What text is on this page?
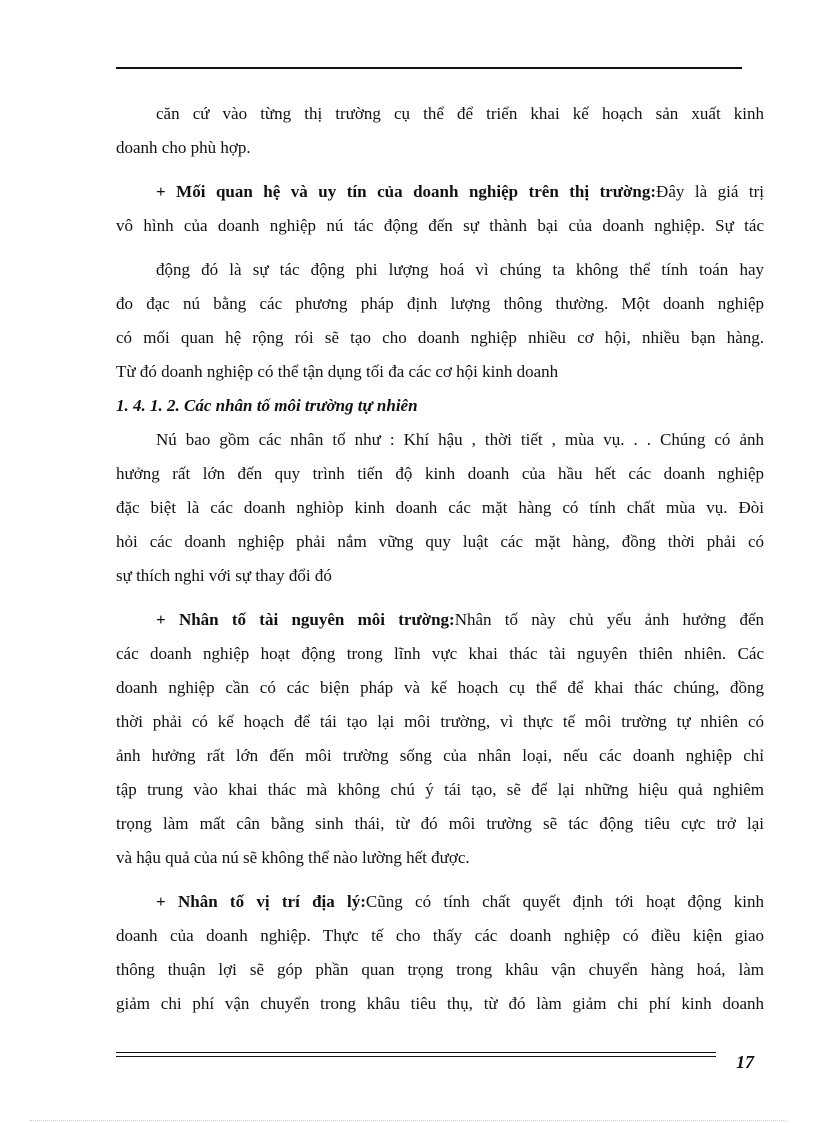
căn cứ vào từng thị trường cụ thể để triển khai kế hoạch sản xuất kinh
doanh cho phù hợp.
+ Mối quan hệ và uy tín của doanh nghiệp trên thị trường:Đây là giá trị
vô hình của doanh nghiệp nú tác động đến sự thành bại của doanh nghiệp. Sự tác
động đó là sự tác động phi lượng hoá vì chúng ta không thể tính toán hay
đo đạc nú bằng các phương pháp định lượng thông thường. Một doanh nghiệp
có mối quan hệ rộng rói sẽ tạo cho doanh nghiệp nhiều cơ hội, nhiều bạn hàng.
Từ đó doanh nghiệp có thể tận dụng tối đa các cơ hội kinh doanh
1. 4. 1. 2. Các nhân tố môi trường tự nhiên
Nú bao gồm các nhân tố như : Khí hậu , thời tiết , mùa vụ. . . Chúng có ảnh
hưởng rất lớn đến quy trình tiến độ kinh doanh của hầu hết các doanh nghiệp
đặc biệt là các doanh nghiòp kinh doanh các mặt hàng có tính chất mùa vụ. Đòi
hỏi các doanh nghiệp phải nắm vững quy luật các mặt hàng, đồng thời phải có
sự thích nghi với sự thay đổi đó
+ Nhân tố tài nguyên môi trường:Nhân tố này chủ yếu ảnh hưởng đến
các doanh nghiệp hoạt động trong lĩnh vực khai thác tài nguyên thiên nhiên. Các
doanh nghiệp cần có các biện pháp và kế hoạch cụ thể để khai thác chúng, đồng
thời phải có kế hoạch để tái tạo lại môi trường, vì thực tế môi trường tự nhiên có
ảnh hưởng rất lớn đến môi trường sống của nhân loại, nếu các doanh nghiệp chỉ
tập trung vào khai thác mà không chú ý tái tạo, sẽ để lại những hiệu quả nghiêm
trọng làm mất cân bằng sinh thái, từ đó môi trường sẽ tác động tiêu cực trở lại
và hậu quả của nú sẽ không thể nào lường hết được.
+ Nhân tố vị trí địa lý:Cũng có tính chất quyết định tới hoạt động kinh
doanh của doanh nghiệp. Thực tế cho thấy các doanh nghiệp có điều kiện giao
thông thuận lợi sẽ góp phần quan trọng trong khâu vận chuyển hàng hoá, làm
giảm chi phí vận chuyển trong khâu tiêu thụ, từ đó làm giảm chi phí kinh doanh
17
